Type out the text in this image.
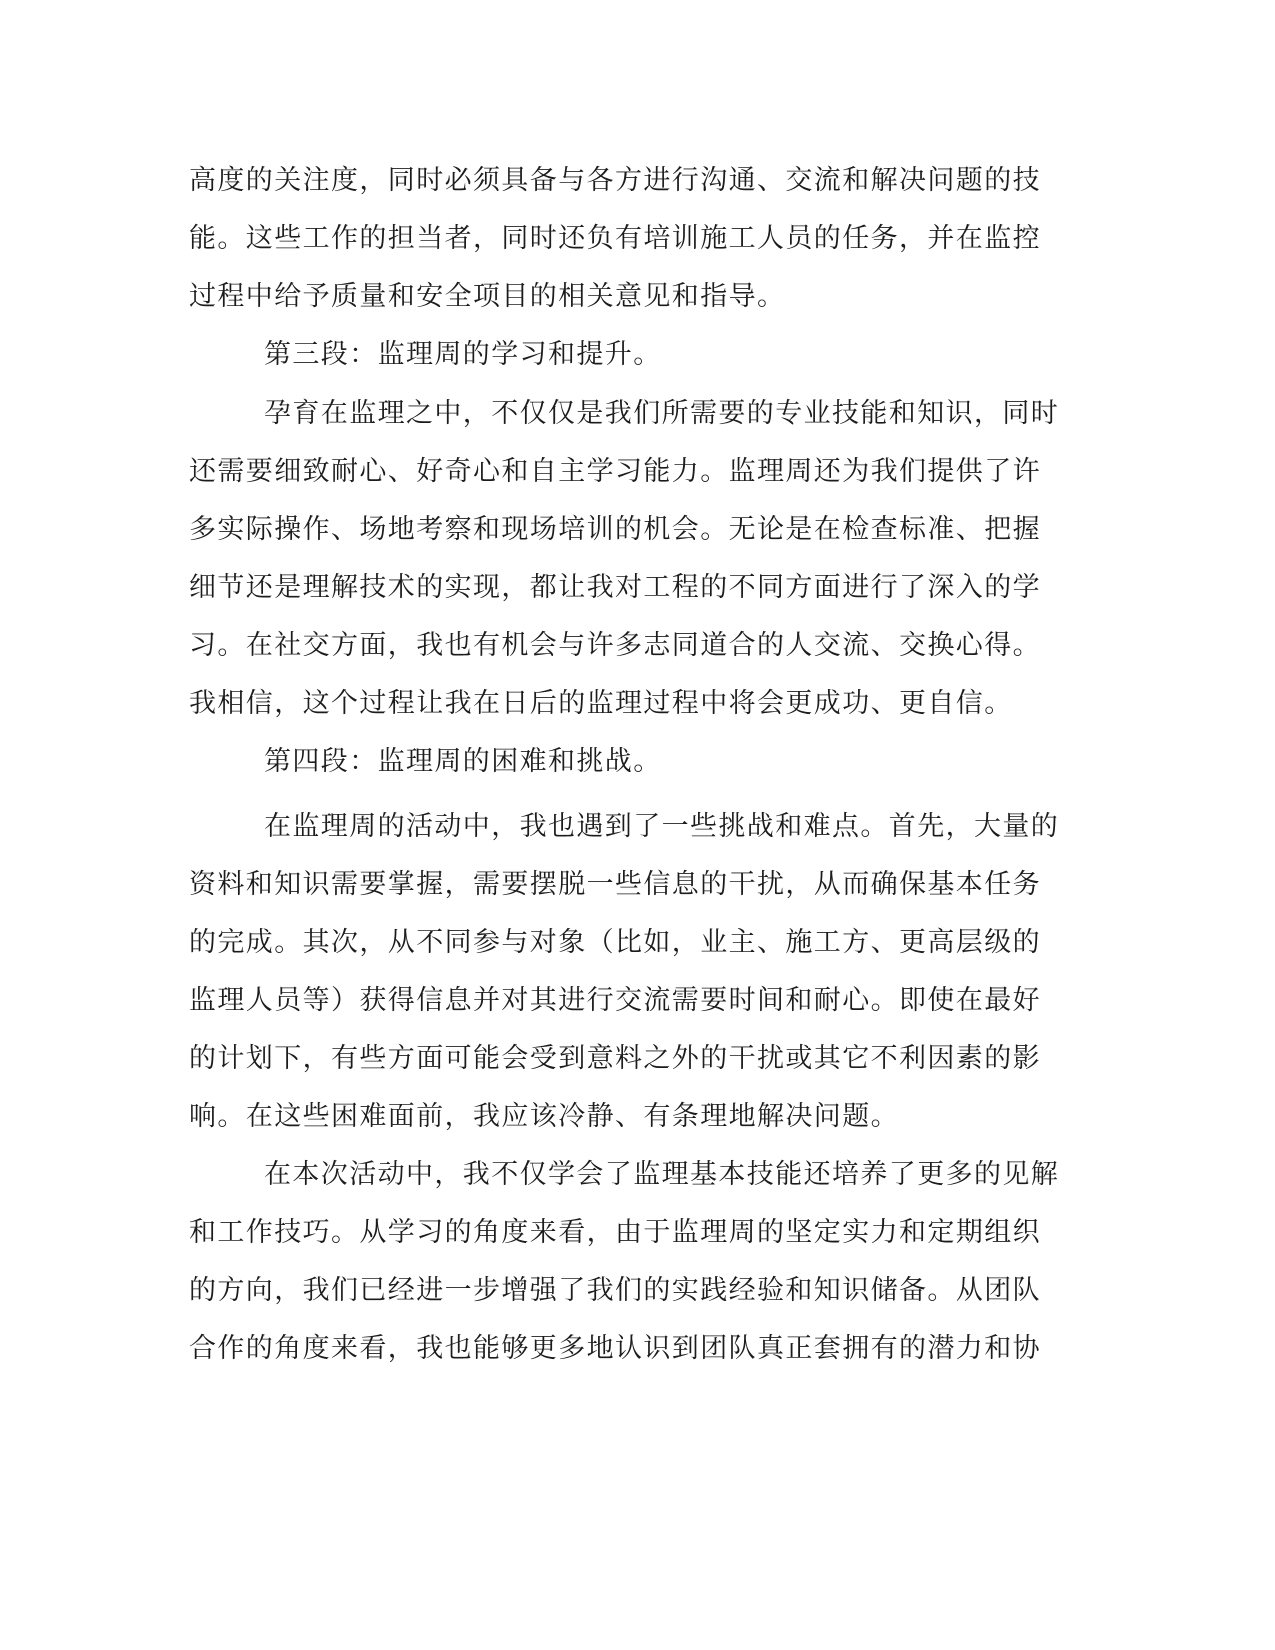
高度的关注度，同时必须具备与各方进行沟通、交流和解决问题的技

能。这些工作的担当者，同时还负有培训施工人员的任务，并在监控

过程中给予质量和安全项目的相关意见和指导。

第三段：监理周的学习和提升。

孕育在监理之中，不仅仅是我们所需要的专业技能和知识，同时

还需要细致耐心、好奇心和自主学习能力。监理周还为我们提供了许

多实际操作、场地考察和现场培训的机会。无论是在检查标准、把握

细节还是理解技术的实现，都让我对工程的不同方面进行了深入的学

习。在社交方面，我也有机会与许多志同道合的人交流、交换心得。

我相信，这个过程让我在日后的监理过程中将会更成功、更自信。

第四段：监理周的困难和挑战。

在监理周的活动中，我也遇到了一些挑战和难点。首先，大量的

资料和知识需要掌握，需要摆脱一些信息的干扰，从而确保基本任务

的完成。其次，从不同参与对象（比如，业主、施工方、更高层级的

监理人员等）获得信息并对其进行交流需要时间和耐心。即使在最好

的计划下，有些方面可能会受到意料之外的干扰或其它不利因素的影

响。在这些困难面前，我应该冷静、有条理地解决问题。

在本次活动中，我不仅学会了监理基本技能还培养了更多的见解

和工作技巧。从学习的角度来看，由于监理周的坚定实力和定期组织

的方向，我们已经进一步增强了我们的实践经验和知识储备。从团队

合作的角度来看，我也能够更多地认识到团队真正套拥有的潜力和协
